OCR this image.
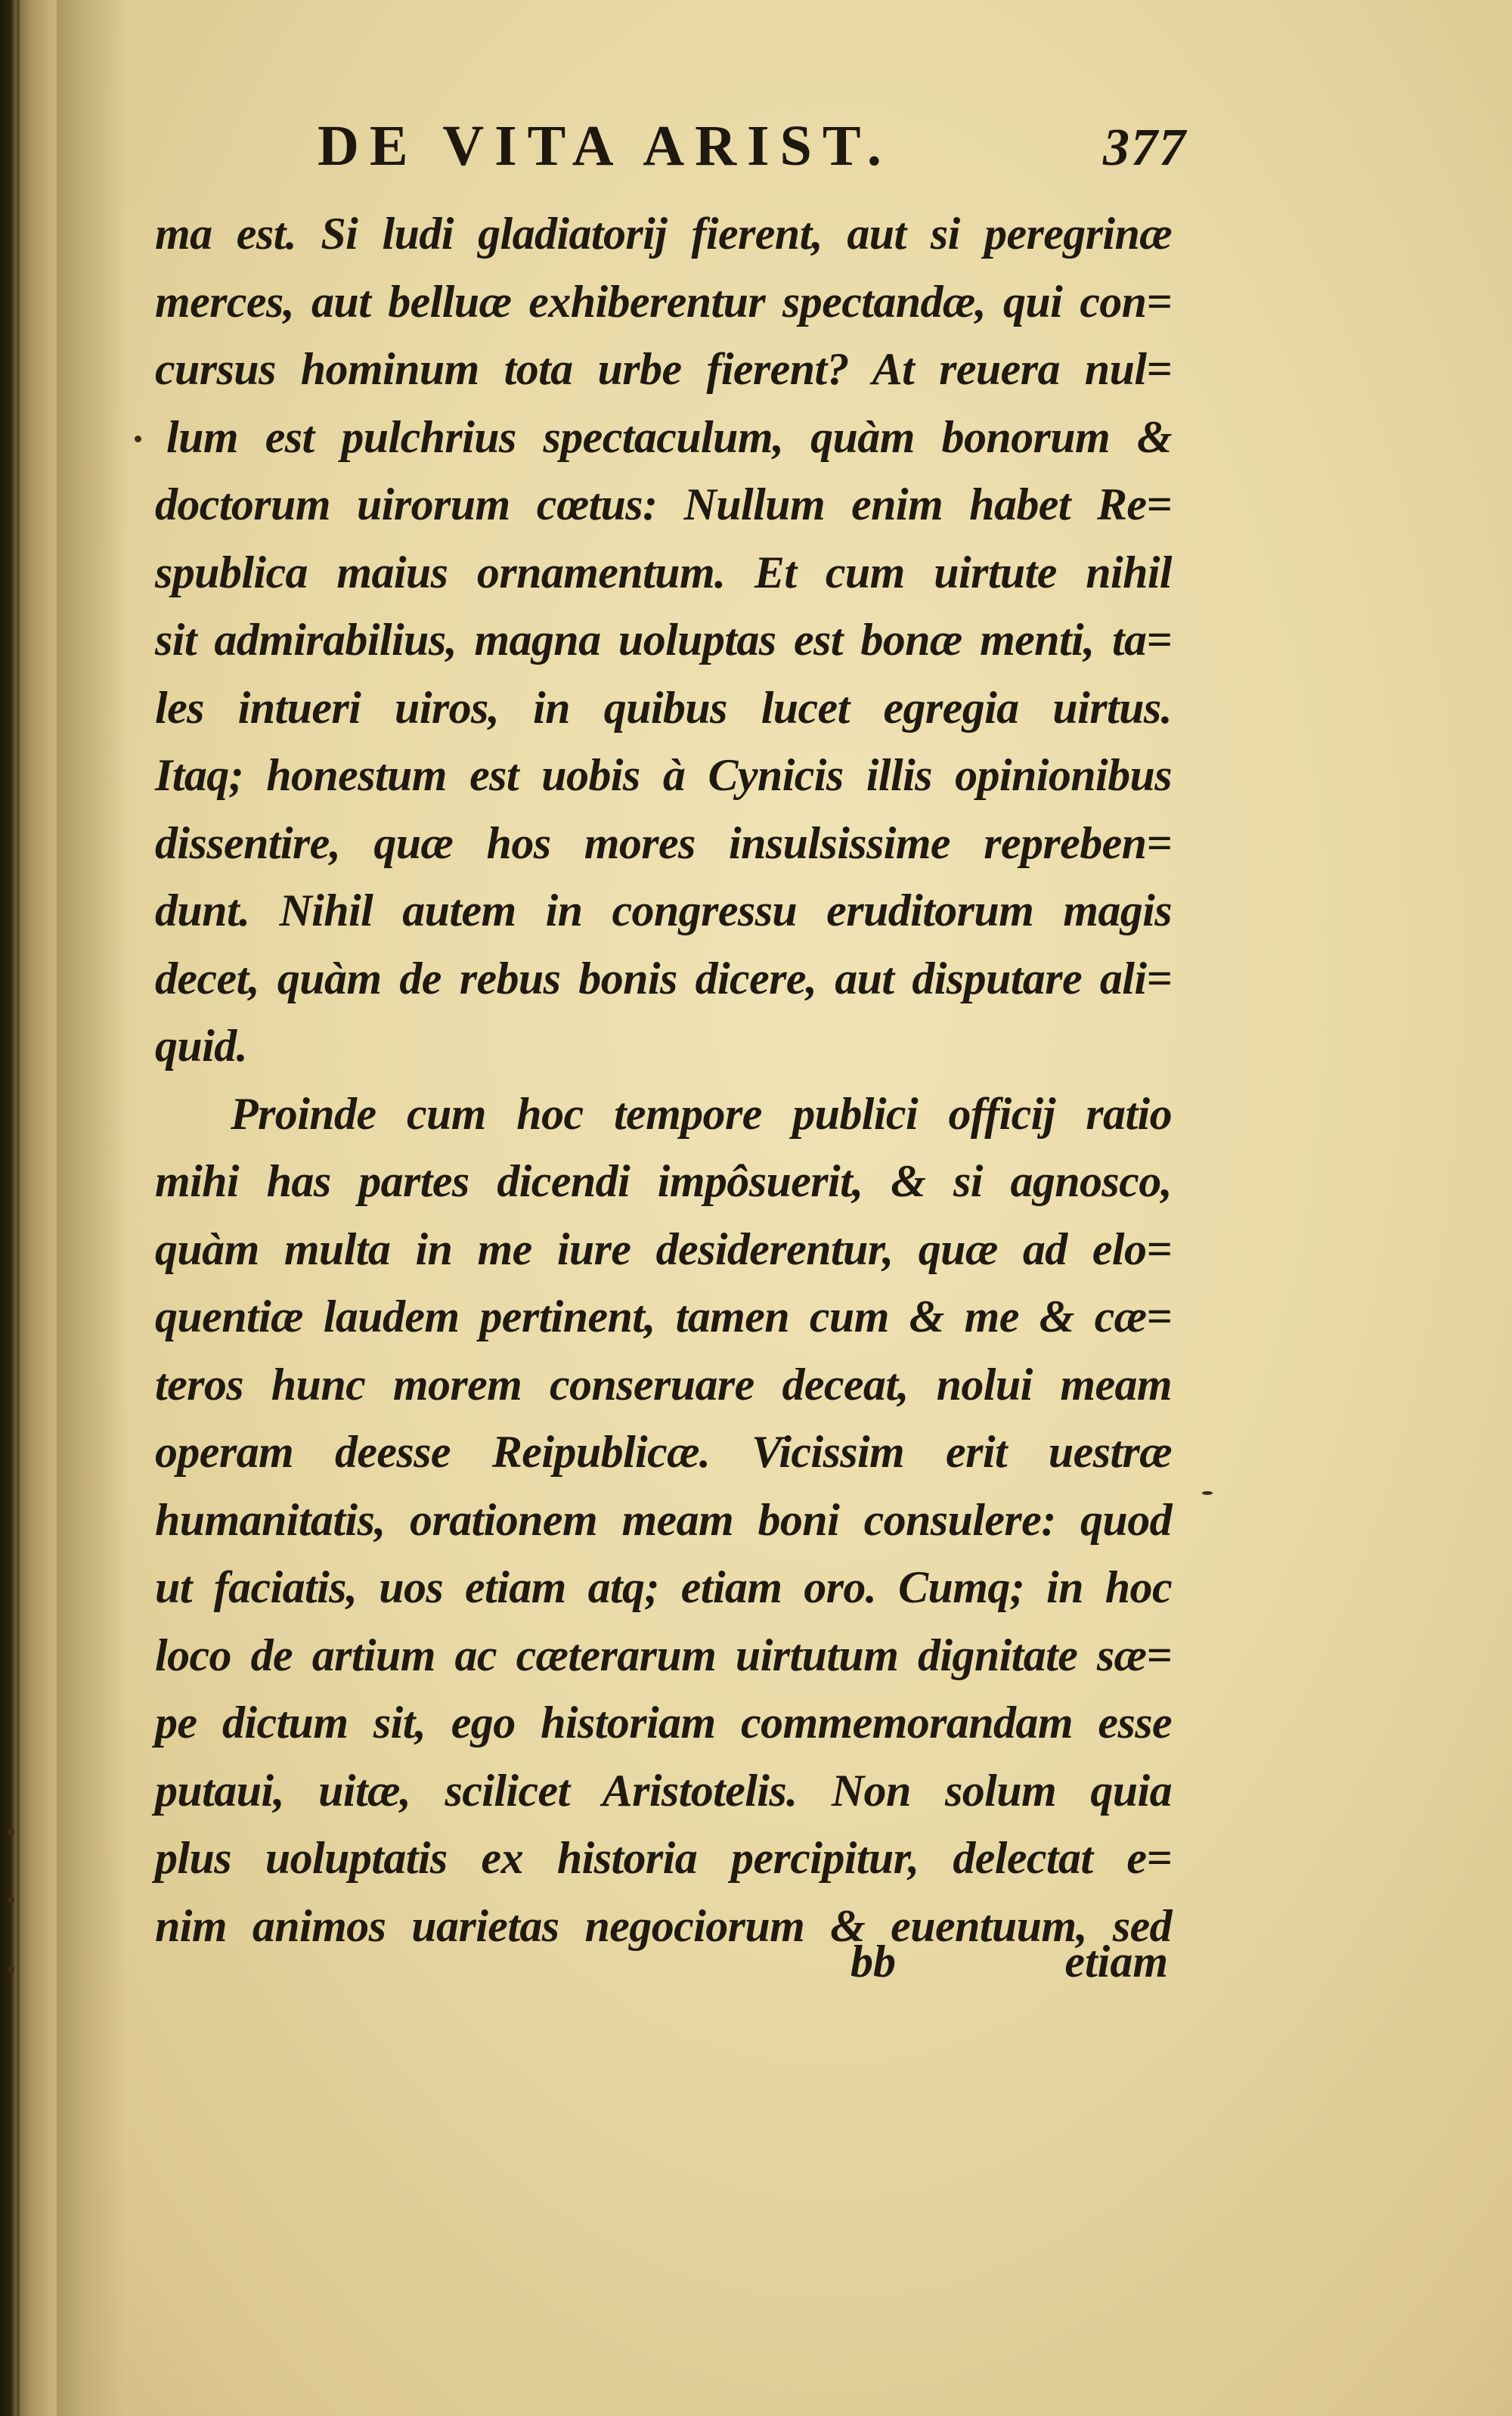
DE VITA ARIST.	377
ma est. Si ludi gladiatorij fierent, aut si peregrinæ
merces, aut belluæ exhiberentur spectandæ, qui con=
cursus hominum tota urbe fierent? At reuera nul=
lum est pulchrius spectaculum, quàm bonorum &
doctorum uirorum cœtus: Nullum enim habet Re=
spublica maius ornamentum. Et cum uirtute nihil
sit admirabilius, magna uoluptas est bonæ menti, ta=
les intueri uiros, in quibus lucet egregia uirtus.
Itaq; honestum est uobis à Cynicis illis opinionibus
dissentire, quæ hos mores insulsissime repreben=
dunt. Nihil autem in congressu eruditorum magis
decet, quàm de rebus bonis dicere, aut disputare ali=
quid.
Proinde cum hoc tempore publici officij ratio
mihi has partes dicendi impôsuerit, & si agnosco,
quàm multa in me iure desiderentur, quæ ad elo=
quentiæ laudem pertinent, tamen cum & me & cæ=
teros hunc morem conseruare deceat, nolui meam
operam deesse Reipublicæ. Vicissim erit uestræ
humanitatis, orationem meam boni consulere: quod
ut faciatis, uos etiam atq; etiam oro. Cumq; in hoc
loco de artium ac cæterarum uirtutum dignitate sæ=
pe dictum sit, ego historiam commemorandam esse
putaui, uitæ, scilicet Aristotelis. Non solum quia
plus uoluptatis ex historia percipitur, delectat e=
nim animos uarietas negociorum & euentuum, sed
bb	etiam
